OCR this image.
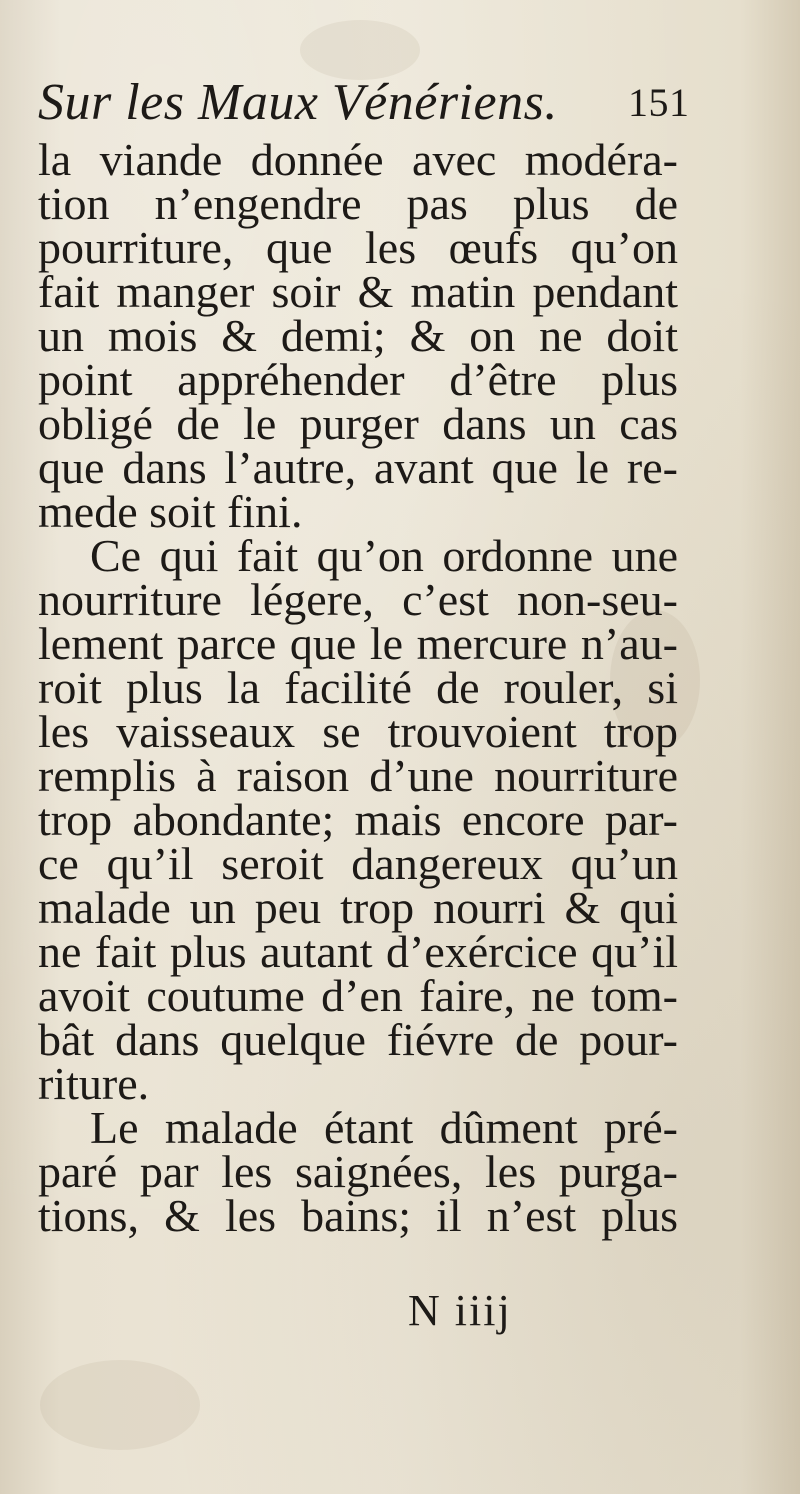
Sur les Maux Vénériens. 151
la viande donnée avec modéra-
tion n’engendre pas plus de
pourriture, que les œufs qu’on
fait manger soir & matin pendant
un mois & demi; & on ne doit
point appréhender d’être plus
obligé de le purger dans un cas
que dans l’autre, avant que le re-
mede soit fini.
Ce qui fait qu’on ordonne une
nourriture légere, c’est non-seu-
lement parce que le mercure n’au-
roit plus la facilité de rouler, si
les vaisseaux se trouvoient trop
remplis à raison d’une nourriture
trop abondante; mais encore par-
ce qu’il seroit dangereux qu’un
malade un peu trop nourri & qui
ne fait plus autant d’exércice qu’il
avoit coutume d’en faire, ne tom-
bât dans quelque fiévre de pour-
riture.
Le malade étant dûment pré-
paré par les saignées, les purga-
tions, & les bains; il n’est plus
N iiij
